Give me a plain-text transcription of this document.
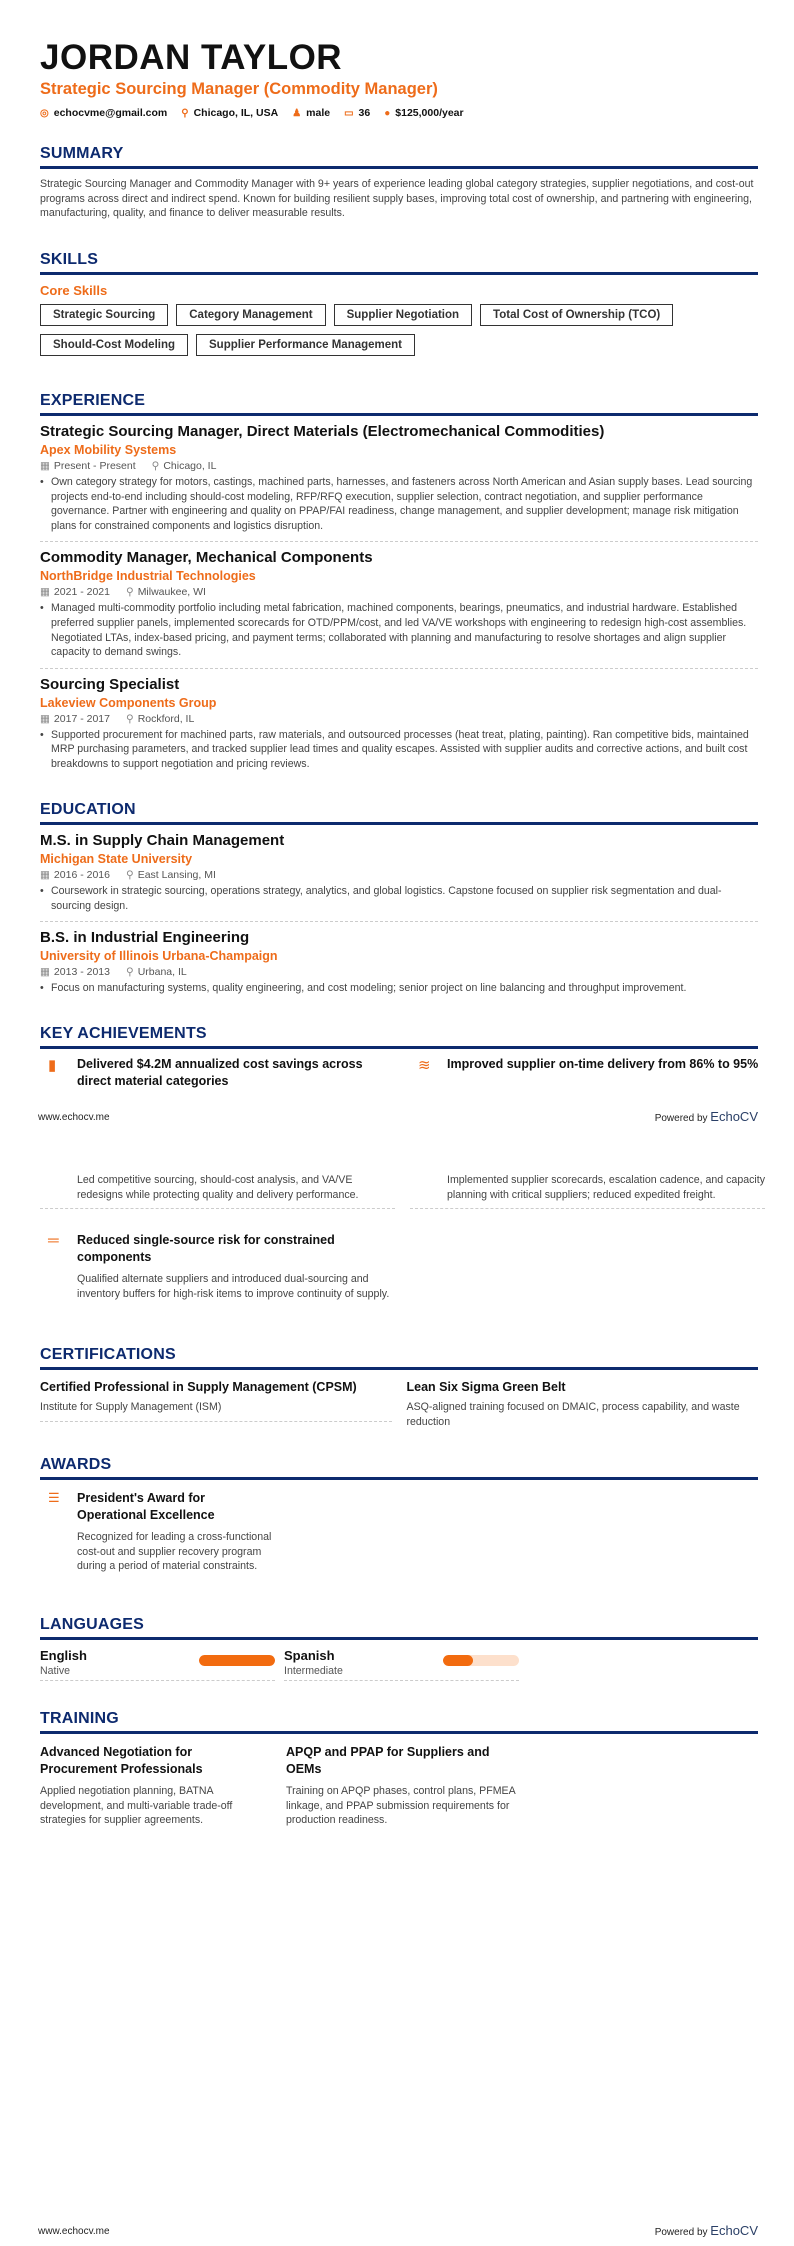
JORDAN TAYLOR
Strategic Sourcing Manager (Commodity Manager)
◎ echocvme@gmail.com ⚲ Chicago, IL, USA ♟ male ▭ 36 ● $125,000/year
SUMMARY
Strategic Sourcing Manager and Commodity Manager with 9+ years of experience leading global category strategies, supplier negotiations, and cost-out programs across direct and indirect spend. Known for building resilient supply bases, improving total cost of ownership, and partnering with engineering, manufacturing, quality, and finance to deliver measurable results.
SKILLS
Core Skills
Strategic Sourcing	Category Management	Supplier Negotiation	Total Cost of Ownership (TCO)
Should-Cost Modeling	Supplier Performance Management
EXPERIENCE
Strategic Sourcing Manager, Direct Materials (Electromechanical Commodities)
Apex Mobility Systems
▦ Present - Present ⚲ Chicago, IL
• Own category strategy for motors, castings, machined parts, harnesses, and fasteners across North American and Asian supply bases. Lead sourcing projects end-to-end including should-cost modeling, RFP/RFQ execution, supplier selection, contract negotiation, and supplier performance governance. Partner with engineering and quality on PPAP/FAI readiness, change management, and supplier development; manage risk mitigation plans for constrained components and logistics disruption.
Commodity Manager, Mechanical Components
NorthBridge Industrial Technologies
▦ 2021 - 2021 ⚲ Milwaukee, WI
• Managed multi-commodity portfolio including metal fabrication, machined components, bearings, pneumatics, and industrial hardware. Established preferred supplier panels, implemented scorecards for OTD/PPM/cost, and led VA/VE workshops with engineering to redesign high-cost assemblies. Negotiated LTAs, index-based pricing, and payment terms; collaborated with planning and manufacturing to resolve shortages and align supplier capacity to demand swings.
Sourcing Specialist
Lakeview Components Group
▦ 2017 - 2017 ⚲ Rockford, IL
• Supported procurement for machined parts, raw materials, and outsourced processes (heat treat, plating, painting). Ran competitive bids, maintained MRP purchasing parameters, and tracked supplier lead times and quality escapes. Assisted with supplier audits and corrective actions, and built cost breakdowns to support negotiation and pricing reviews.
EDUCATION
M.S. in Supply Chain Management
Michigan State University
▦ 2016 - 2016 ⚲ East Lansing, MI
• Coursework in strategic sourcing, operations strategy, analytics, and global logistics. Capstone focused on supplier risk segmentation and dual-sourcing design.
B.S. in Industrial Engineering
University of Illinois Urbana-Champaign
▦ 2013 - 2013 ⚲ Urbana, IL
• Focus on manufacturing systems, quality engineering, and cost modeling; senior project on line balancing and throughput improvement.
KEY ACHIEVEMENTS
▮	Delivered $4.2M annualized cost savings across direct material categories
Led competitive sourcing, should-cost analysis, and VA/VE redesigns while protecting quality and delivery performance.
≋	Improved supplier on-time delivery from 86% to 95%
Implemented supplier scorecards, escalation cadence, and capacity planning with critical suppliers; reduced expedited freight.
═	Reduced single-source risk for constrained components
Qualified alternate suppliers and introduced dual-sourcing and inventory buffers for high-risk items to improve continuity of supply.
www.echocv.me	Powered by EchoCV
CERTIFICATIONS
Certified Professional in Supply Management (CPSM)
Institute for Supply Management (ISM)
Lean Six Sigma Green Belt
ASQ-aligned training focused on DMAIC, process capability, and waste reduction
AWARDS
☰	President's Award for Operational Excellence
Recognized for leading a cross-functional cost-out and supplier recovery program during a period of material constraints.
LANGUAGES
English
Native
Spanish
Intermediate
TRAINING
Advanced Negotiation for Procurement Professionals
Applied negotiation planning, BATNA development, and multi-variable trade-off strategies for supplier agreements.
APQP and PPAP for Suppliers and OEMs
Training on APQP phases, control plans, PFMEA linkage, and PPAP submission requirements for production readiness.
www.echocv.me	Powered by EchoCV
